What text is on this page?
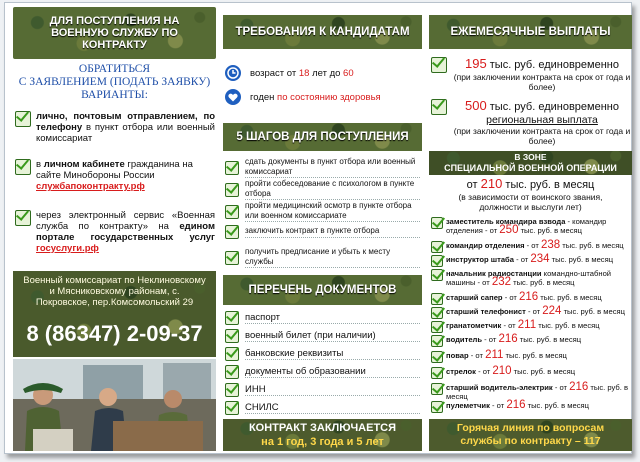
ДЛЯ ПОСТУПЛЕНИЯ НА ВОЕННУЮ СЛУЖБУ ПО КОНТРАКТУ
ОБРАТИТЬСЯ
С ЗАЯВЛЕНИЕМ (ПОДАТЬ ЗАЯВКУ)
ВАРИАНТЫ:
лично, почтовым отправлением, по телефону в пункт отбора или военный комиссариат
в личном кабинете гражданина на сайте Минобороны России
службапоконтракту.рф
через электронный сервис «Военная служба по контракту» на едином портале государственных услуг госуслуги.рф
Военный комиссариат по Неклиновскому и Мясниковскому районам, с. Покровское, пер.Комсомольский 29
8 (86347) 2-09-37
ТРЕБОВАНИЯ К КАНДИДАТАМ
возраст от 18 лет до 60
годен по состоянию здоровья
5 ШАГОВ ДЛЯ ПОСТУПЛЕНИЯ
сдать документы в пункт отбора или военный комиссариат
пройти собеседование с психологом в пункте отбора
пройти медицинский осмотр в пункте отбора или военном комиссариате
заключить контракт в пункте отбора
получить предписание и убыть к месту службы
ПЕРЕЧЕНЬ ДОКУМЕНТОВ
паспорт
военный билет (при наличии)
банковские реквизиты
документы об образовании
ИНН
СНИЛС
КОНТРАКТ ЗАКЛЮЧАЕТСЯ
на 1 год, 3 года и 5 лет
ЕЖЕМЕСЯЧНЫЕ ВЫПЛАТЫ
195 тыс. руб. единовременно
(при заключении контракта на срок от года и более)
500 тыс. руб. единовременно
региональная выплата
(при заключении контракта на срок от года и более)
В ЗОНЕ
СПЕЦИАЛЬНОЙ ВОЕННОЙ ОПЕРАЦИИ
от 210 тыс. руб. в месяц
(в зависимости от воинского звания, должности и выслуги лет)
заместитель командира взвода - командир отделения - от 250 тыс. руб. в месяц
командир отделения - от 238 тыс. руб. в месяц
инструктор штаба - от 234 тыс. руб. в месяц
начальник радиостанции командно-штабной машины - от 232 тыс. руб. в месяц
старший сапер - от 216 тыс. руб. в месяц
старший телефонист - от 224 тыс. руб. в месяц
гранатометчик - от 211 тыс. руб. в месяц
водитель - от 216 тыс. руб. в месяц
повар - от 211 тыс. руб. в месяц
стрелок - от 210 тыс. руб. в месяц
старший водитель-электрик - от 216 тыс. руб. в месяц
пулеметчик - от 216 тыс. руб. в месяц
Горячая линия по вопросам службы по контракту – 117
